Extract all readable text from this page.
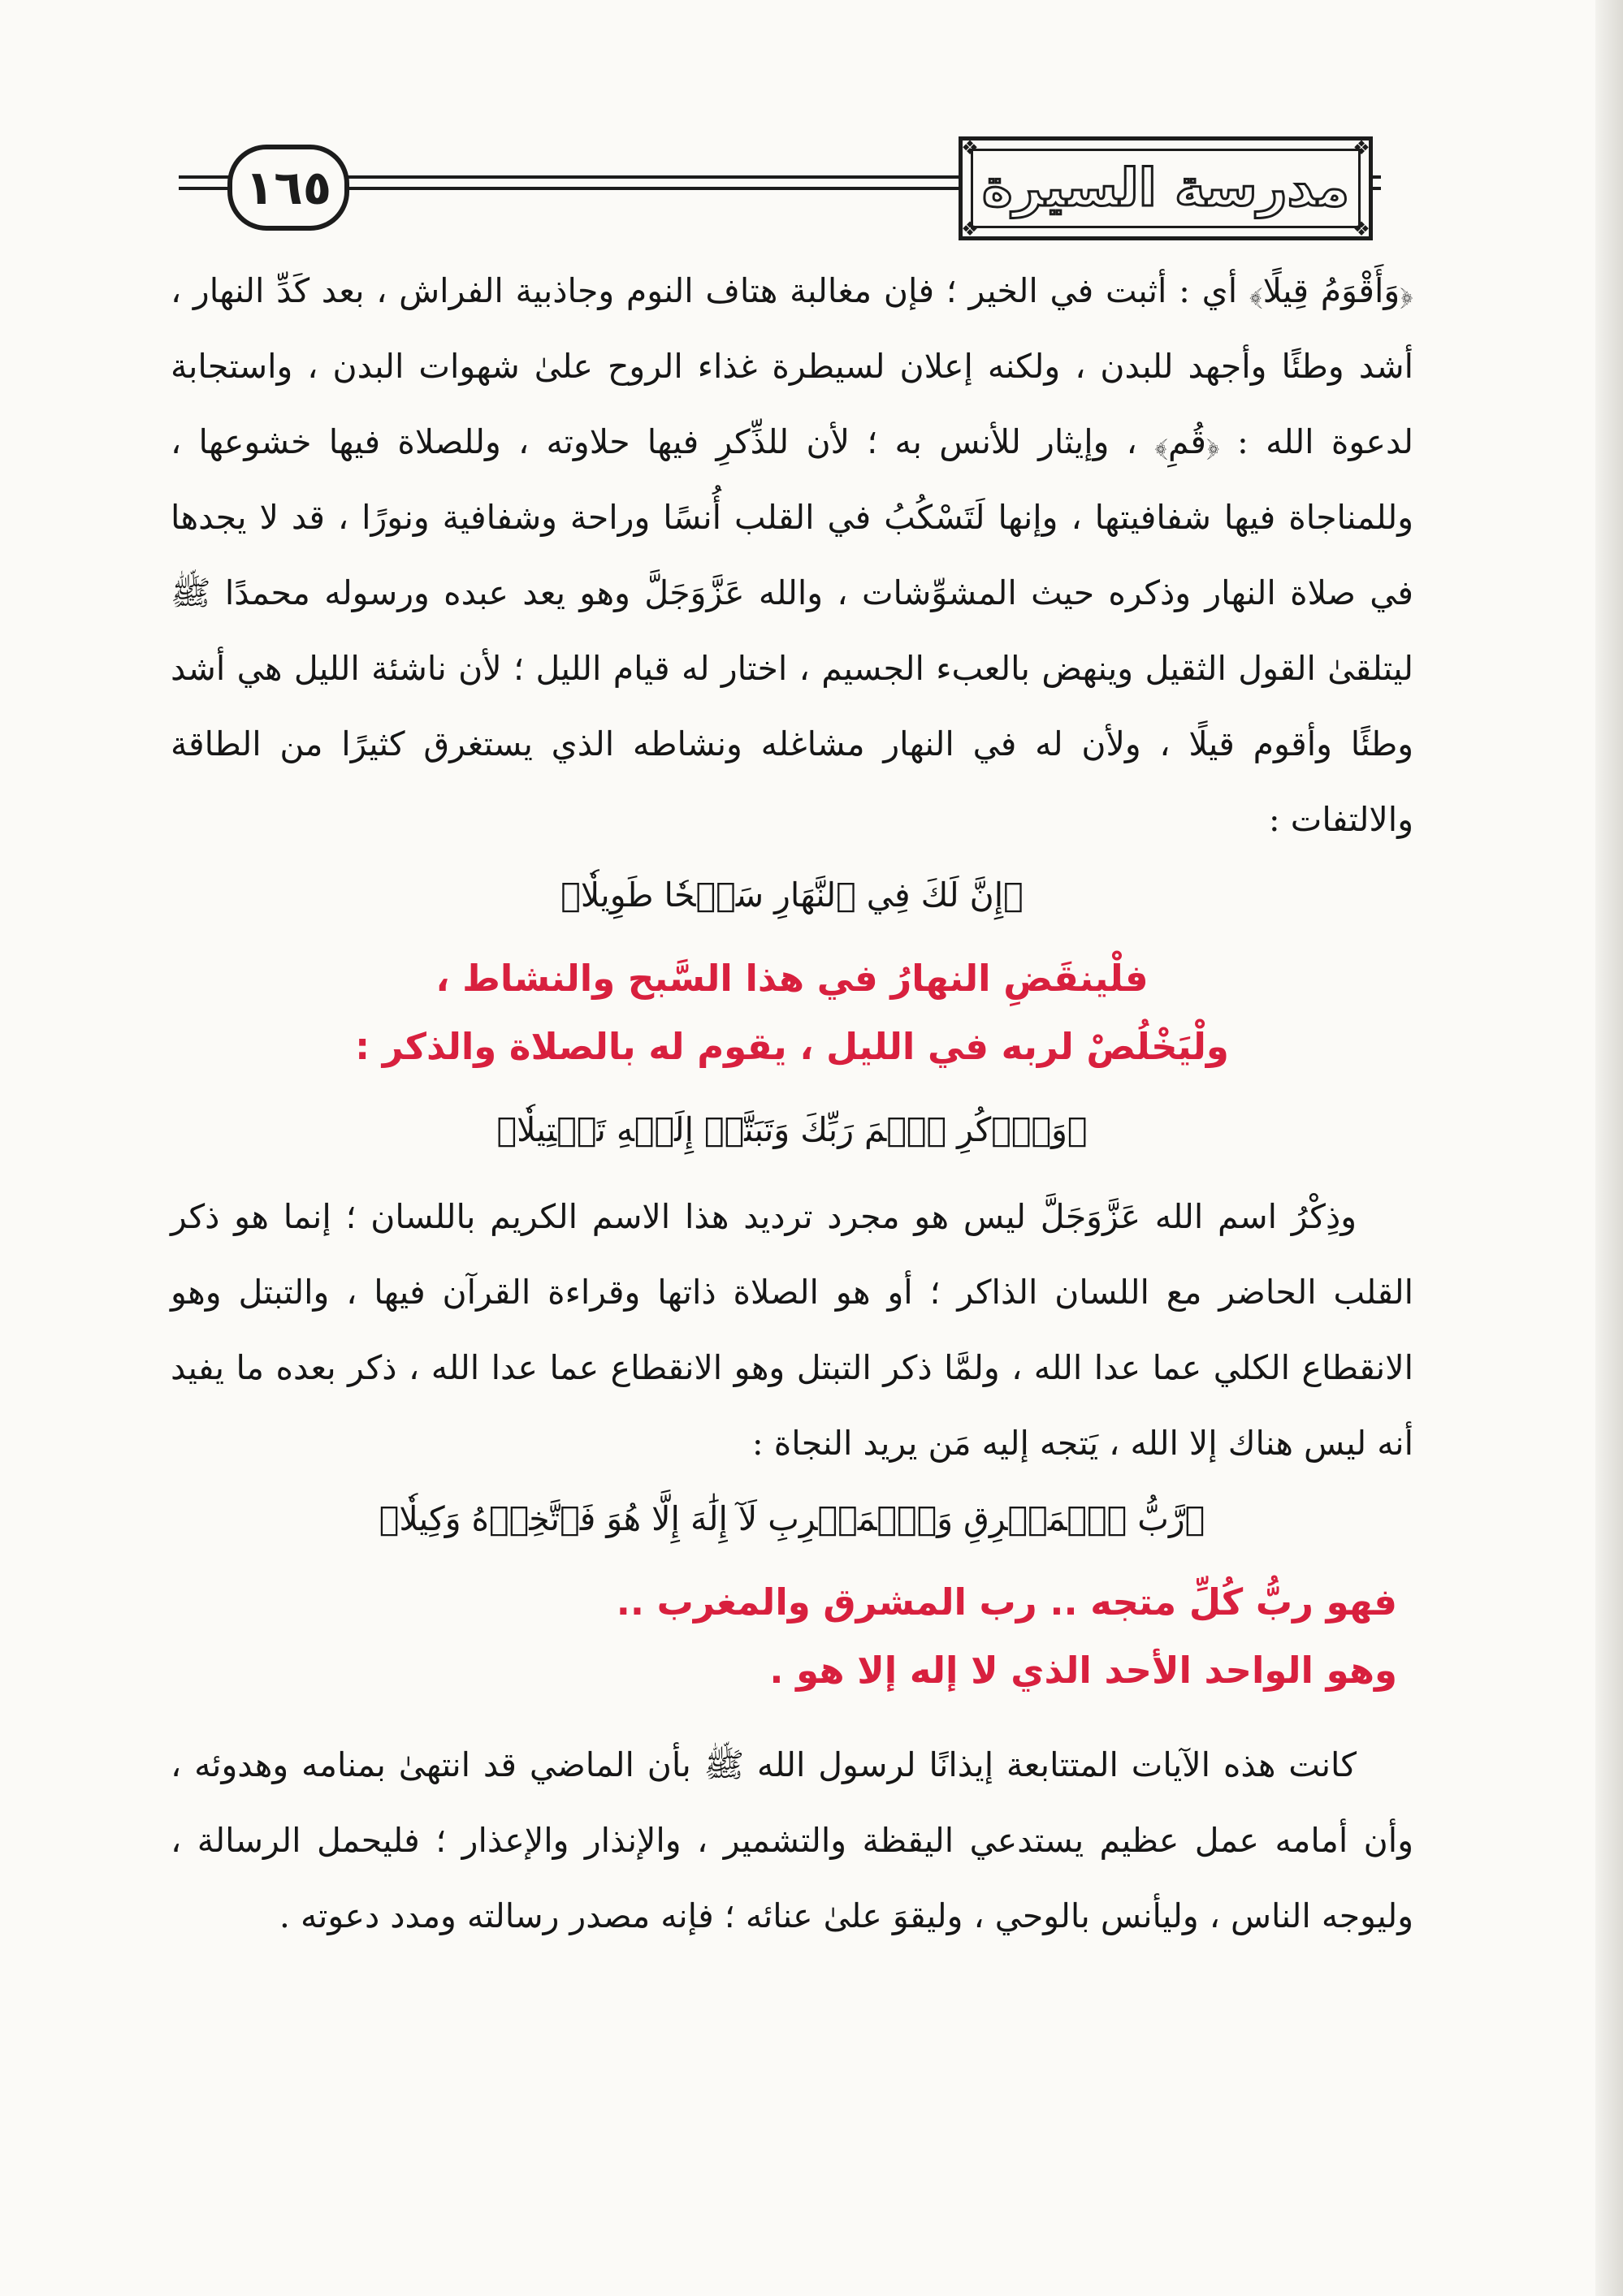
١٦٥
❖	❖
❖	❖
مدرسة السيرة

﴿وَأَقْوَمُ قِيلًا﴾ أي : أثبت في الخير ؛ فإن مغالبة هتاف النوم وجاذبية الفراش ، بعد كَدِّ النهار ، أشد وطئًا وأجهد للبدن ، ولكنه إعلان لسيطرة غذاء الروح علىٰ شهوات البدن ، واستجابة لدعوة الله : ﴿قُمِ﴾ ، وإيثار للأنس به ؛ لأن للذِّكرِ فيها حلاوته ، وللصلاة فيها خشوعها ، وللمناجاة فيها شفافيتها ، وإنها لَتَسْكُبُ في القلب أُنسًا وراحة وشفافية ونورًا ، قد لا يجدها في صلاة النهار وذكره حيث المشوِّشات ، والله عَزَّوَجَلَّ وهو يعد عبده ورسوله محمدًا ﷺ ليتلقىٰ القول الثقيل وينهض بالعبء الجسيم ، اختار له قيام الليل ؛ لأن ناشئة الليل هي أشد وطئًا وأقوم قيلًا ، ولأن له في النهار مشاغله ونشاطه الذي يستغرق كثيرًا من الطاقة والالتفات :

﴿إِنَّ لَكَ فِي ٱلنَّهَارِ سَبۡحٗا طَوِيلٗا﴾

فلْينقَضِ النهارُ في هذا السَّبح والنشاط ،

ولْيَخْلُصْ لربه في الليل ، يقوم له بالصلاة والذكر :

﴿وَٱذۡكُرِ ٱسۡمَ رَبِّكَ وَتَبَتَّلۡ إِلَيۡهِ تَبۡتِيلٗا﴾

وذِكْرُ اسم الله عَزَّوَجَلَّ ليس هو مجرد ترديد هذا الاسم الكريم باللسان ؛ إنما هو ذكر القلب الحاضر مع اللسان الذاكر ؛ أو هو الصلاة ذاتها وقراءة القرآن فيها ، والتبتل وهو الانقطاع الكلي عما عدا الله ، ولمَّا ذكر التبتل وهو الانقطاع عما عدا الله ، ذكر بعده ما يفيد أنه ليس هناك إلا الله ، يَتجه إليه مَن يريد النجاة :

﴿رَّبُّ ٱلۡمَشۡرِقِ وَٱلۡمَغۡرِبِ لَآ إِلَٰهَ إِلَّا هُوَ فَٱتَّخِذۡهُ وَكِيلٗا﴾

فهو ربُّ كُلِّ متجه .. رب المشرق والمغرب ..

وهو الواحد الأحد الذي لا إله إلا هو .

كانت هذه الآيات المتتابعة إيذانًا لرسول الله ﷺ بأن الماضي قد انتهىٰ بمنامه وهدوئه ، وأن أمامه عمل عظيم يستدعي اليقظة والتشمير ، والإنذار والإعذار ؛ فليحمل الرسالة ، وليوجه الناس ، وليأنس بالوحي ، وليقوَ علىٰ عنائه ؛ فإنه مصدر رسالته ومدد دعوته .
